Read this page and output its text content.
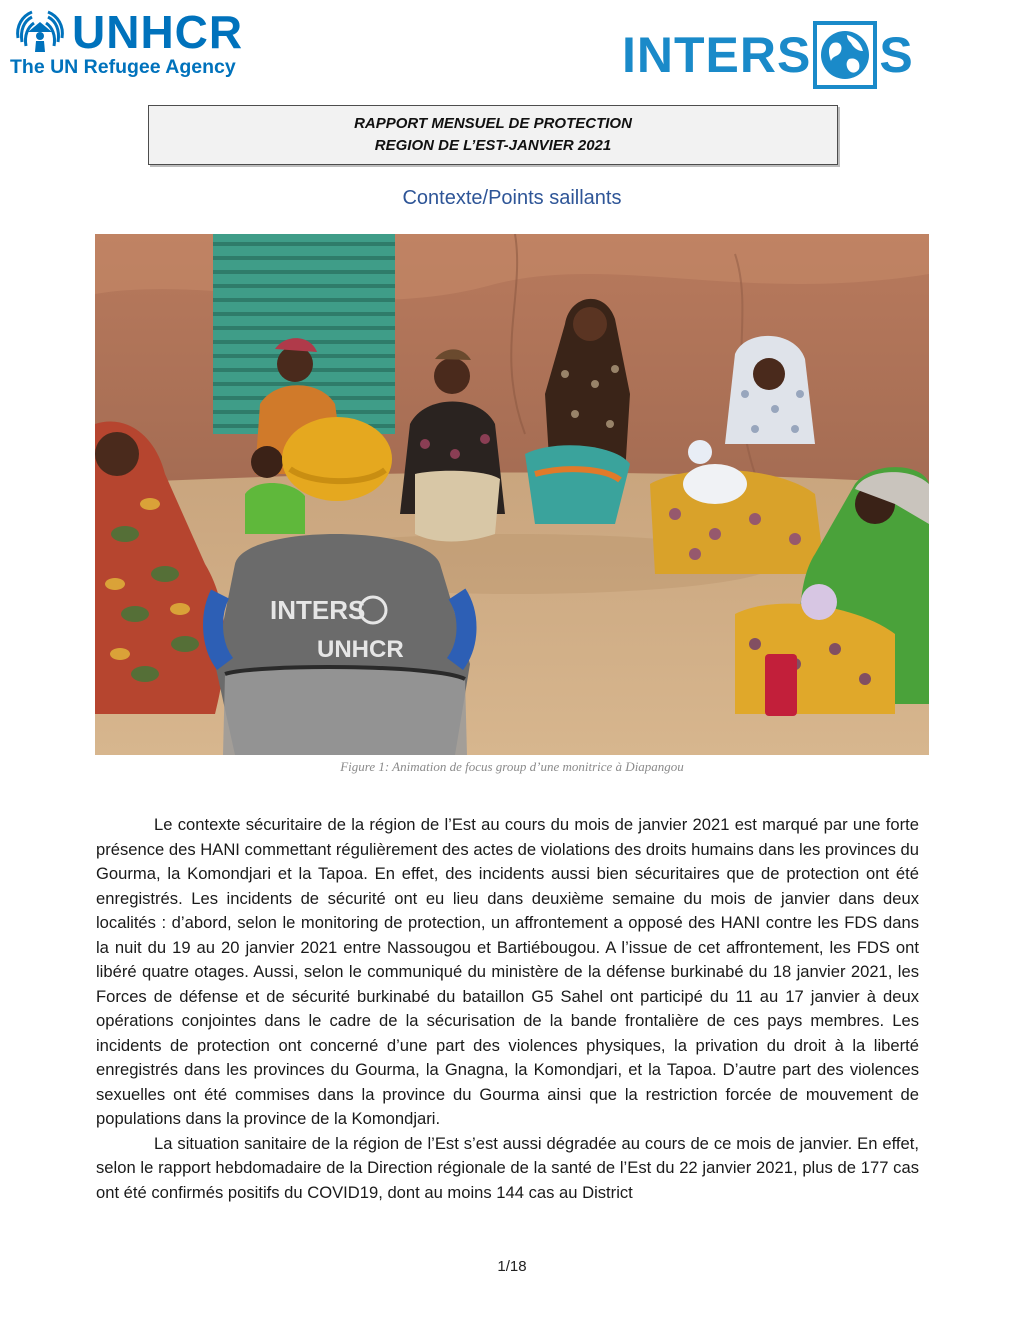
UNHCR
The UN Refugee Agency	INTERS S
RAPPORT MENSUEL DE PROTECTION
REGION DE L’EST-JANVIER 2021
Contexte/Points saillants
INTERS
UNHCR
Figure 1: Animation de focus group d’une monitrice à Diapangou

Le contexte sécuritaire de la région de l’Est au cours du mois de janvier 2021 est marqué par une forte présence des HANI commettant régulièrement des actes de violations des droits humains dans les provinces du Gourma, la Komondjari et la Tapoa. En effet, des incidents aussi bien sécuritaires que de protection ont été enregistrés. Les incidents de sécurité ont eu lieu dans deuxième semaine du mois de janvier dans deux localités : d’abord, selon le monitoring de protection, un affrontement a opposé des HANI contre les FDS dans la nuit du 19 au 20 janvier 2021 entre Nassougou et Bartiébougou. A l’issue de cet affrontement, les FDS ont libéré quatre otages. Aussi, selon le communiqué du ministère de la défense burkinabé du 18 janvier 2021, les Forces de défense et de sécurité burkinabé du bataillon G5 Sahel ont participé du 11 au 17 janvier à deux opérations conjointes dans le cadre de la sécurisation de la bande frontalière de ces pays membres. Les incidents de protection ont concerné d’une part des violences physiques, la privation du droit à la liberté enregistrés dans les provinces du Gourma, la Gnagna, la Komondjari, et la Tapoa. D’autre part des violences sexuelles ont été commises dans la province du Gourma ainsi que la restriction forcée de mouvement de populations dans la province de la Komondjari.

La situation sanitaire de la région de l’Est s’est aussi dégradée au cours de ce mois de janvier. En effet, selon le rapport hebdomadaire de la Direction régionale de la santé de l’Est du 22 janvier 2021, plus de 177 cas ont été confirmés positifs du COVID19, dont au moins 144 cas au District

1/18
